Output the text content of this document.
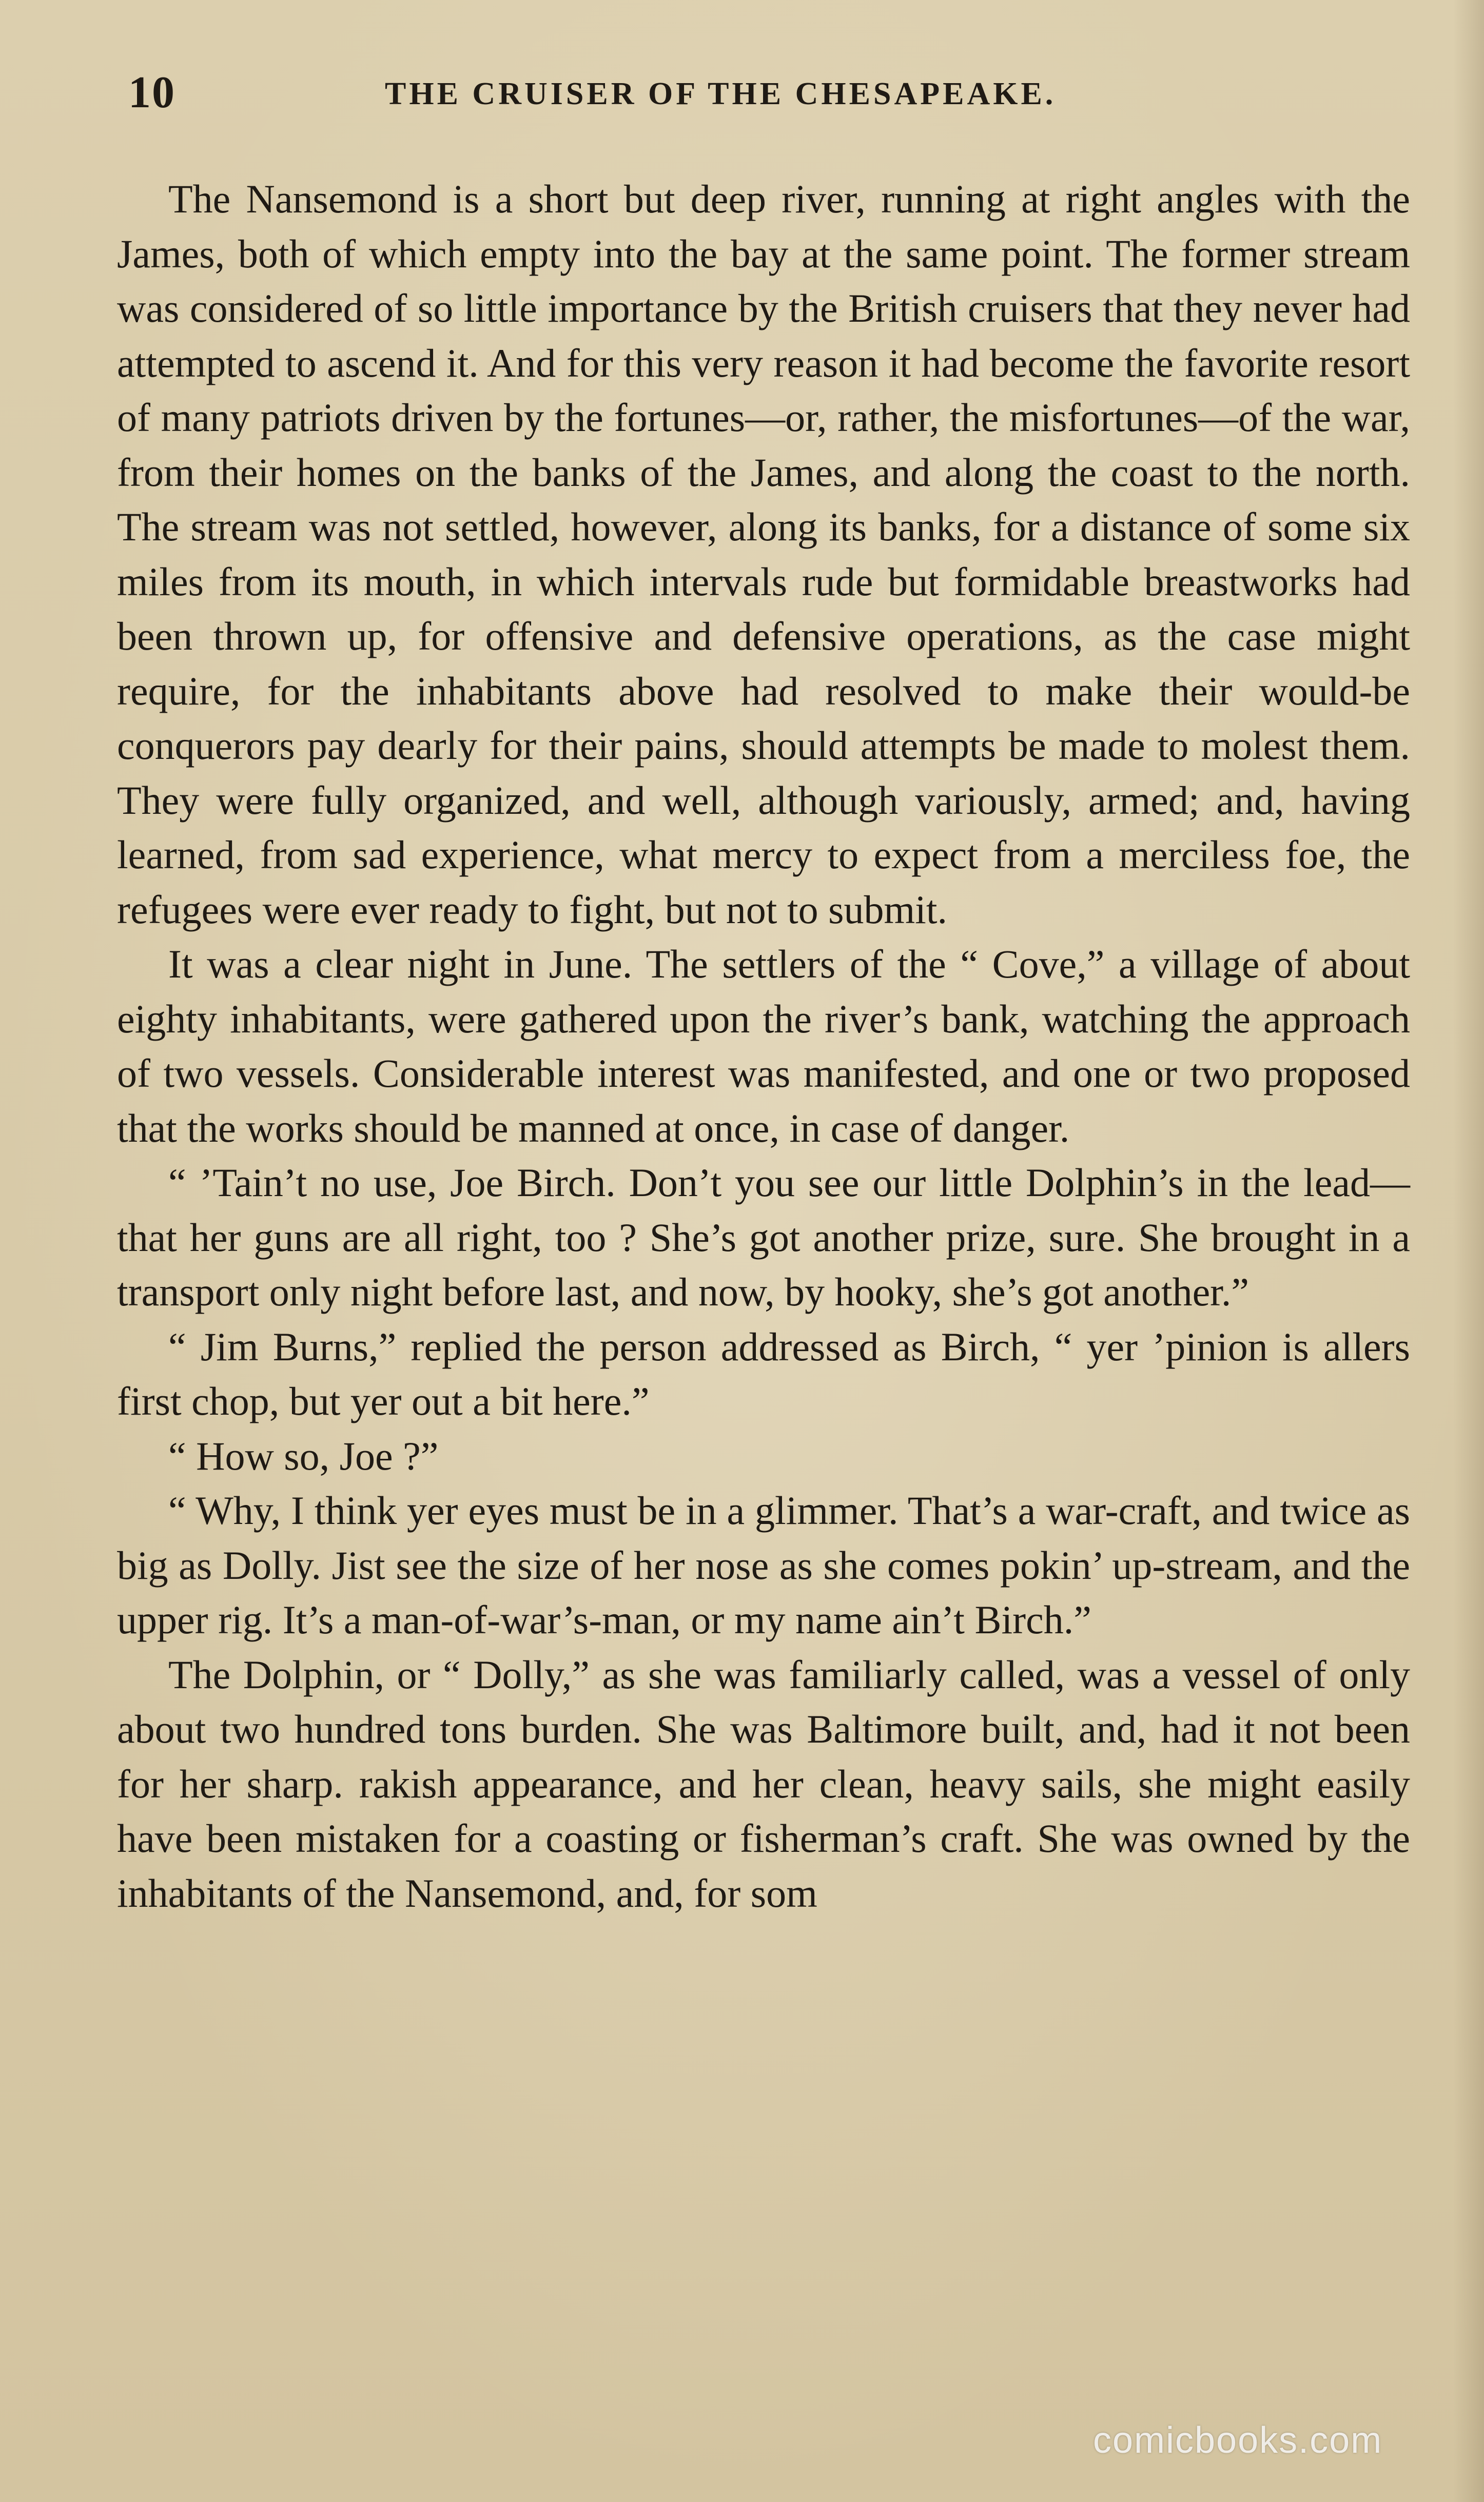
10	THE CRUISER OF THE CHESAPEAKE.

The Nansemond is a short but deep river, running at right angles with the James, both of which empty into the bay at the same point. The former stream was considered of so little importance by the British cruisers that they never had attempted to ascend it. And for this very reason it had become the favorite resort of many patriots driven by the fortunes—or, rather, the misfortunes—of the war, from their homes on the banks of the James, and along the coast to the north. The stream was not settled, however, along its banks, for a distance of some six miles from its mouth, in which intervals rude but formidable breastworks had been thrown up, for offensive and defensive operations, as the case might require, for the inhabitants above had resolved to make their would-be conquerors pay dearly for their pains, should attempts be made to molest them. They were fully organized, and well, although variously, armed; and, having learned, from sad experience, what mercy to expect from a merciless foe, the refugees were ever ready to fight, but not to submit.

It was a clear night in June. The settlers of the “ Cove,” a village of about eighty inhabitants, were gathered upon the river’s bank, watching the approach of two vessels. Considerable interest was manifested, and one or two proposed that the works should be manned at once, in case of danger.

“ ’Tain’t no use, Joe Birch. Don’t you see our little Dolphin’s in the lead—that her guns are all right, too ? She’s got another prize, sure. She brought in a transport only night before last, and now, by hooky, she’s got another.”

“ Jim Burns,” replied the person addressed as Birch, “ yer ’pinion is allers first chop, but yer out a bit here.”

“ How so, Joe ?”

“ Why, I think yer eyes must be in a glimmer. That’s a war-craft, and twice as big as Dolly. Jist see the size of her nose as she comes pokin’ up-stream, and the upper rig. It’s a man-of-war’s-man, or my name ain’t Birch.”

The Dolphin, or “ Dolly,” as she was familiarly called, was a vessel of only about two hundred tons burden. She was Baltimore built, and, had it not been for her sharp. rakish appearance, and her clean, heavy sails, she might easily have been mistaken for a coasting or fisherman’s craft. She was owned by the inhabitants of the Nansemond, and, for som

comicbooks.com
